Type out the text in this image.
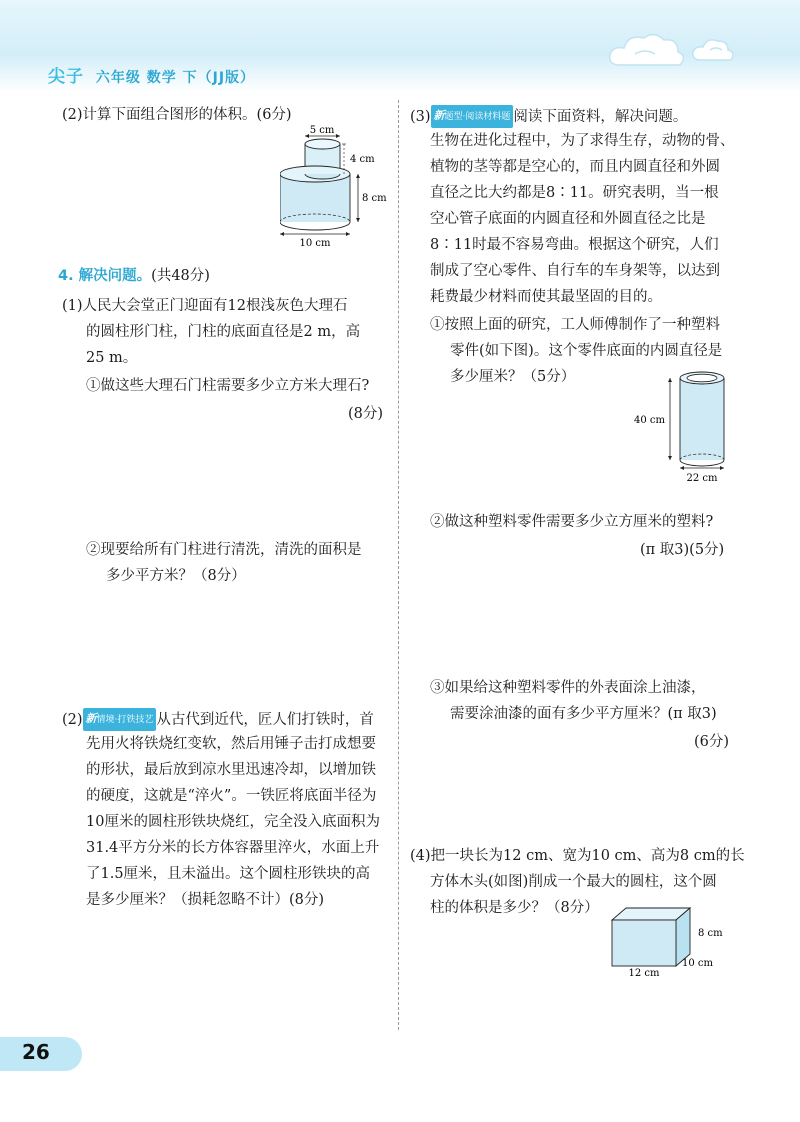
尖子 六年级 数学 下（JJ版）
(2)计算下面组合图形的体积。(6分)
5 cm
4 cm
8 cm
10 cm
4. 解决问题。(共48分)
(1)人民大会堂正门迎面有12根浅灰色大理石
的圆柱形门柱，门柱的底面直径是2 m，高
25 m。
①做这些大理石门柱需要多少立方米大理石?
(8分)
②现要给所有门柱进行清洗，清洗的面积是
多少平方米？（8分）
(2) 新情境·打铁技艺 从古代到近代，匠人们打铁时，首
先用火将铁烧红变软，然后用锤子击打成想要
的形状，最后放到凉水里迅速冷却，以增加铁
的硬度，这就是“淬火”。一铁匠将底面半径为
10厘米的圆柱形铁块烧红，完全没入底面积为
31.4平方分米的长方体容器里淬火，水面上升
了1.5厘米，且未溢出。这个圆柱形铁块的高
是多少厘米？（损耗忽略不计）(8分)
(3) 新题型·阅读材料题 阅读下面资料，解决问题。
生物在进化过程中，为了求得生存，动物的骨、
植物的茎等都是空心的，而且内圆直径和外圆
直径之比大约都是8∶11。研究表明，当一根
空心管子底面的内圆直径和外圆直径之比是
8∶11时最不容易弯曲。根据这个研究，人们
制成了空心零件、自行车的车身架等，以达到
耗费最少材料而使其最坚固的目的。
①按照上面的研究，工人师傅制作了一种塑料
零件(如下图)。这个零件底面的内圆直径是
多少厘米？（5分）
40 cm
22 cm
②做这种塑料零件需要多少立方厘米的塑料?
(π 取3)(5分)
③如果给这种塑料零件的外表面涂上油漆，
需要涂油漆的面有多少平方厘米？(π 取3)
(6分)
(4)把一块长为12 cm、宽为10 cm、高为8 cm的长
方体木头(如图)削成一个最大的圆柱，这个圆
柱的体积是多少？（8分）
8 cm
12 cm
10 cm
26
